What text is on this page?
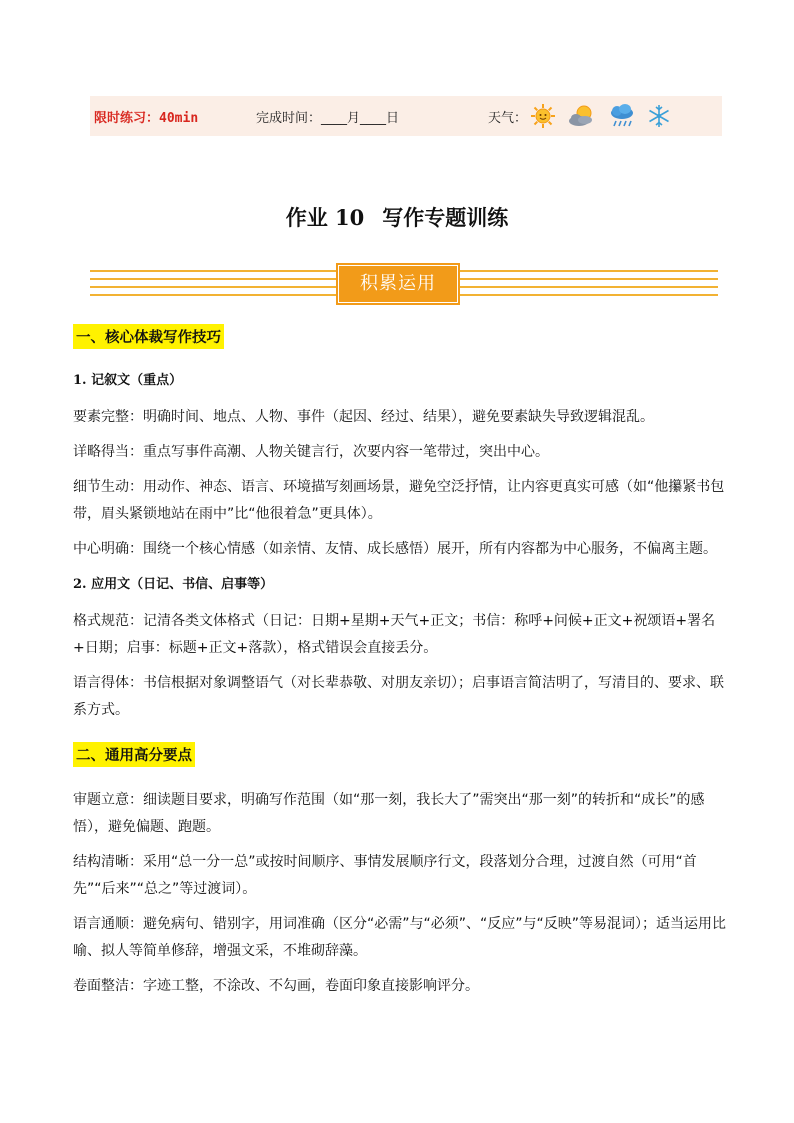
限时练习：40min	完成时间：____月____日	天气：
作业 10 写作专题训练
积累运用
一、核心体裁写作技巧
1. 记叙文（重点）
要素完整：明确时间、地点、人物、事件（起因、经过、结果），避免要素缺失导致逻辑混乱。
详略得当：重点写事件高潮、人物关键言行，次要内容一笔带过，突出中心。
细节生动：用动作、神态、语言、环境描写刻画场景，避免空泛抒情，让内容更真实可感（如“他攥紧书包带，眉头紧锁地站在雨中”比“他很着急”更具体）。
中心明确：围绕一个核心情感（如亲情、友情、成长感悟）展开，所有内容都为中心服务，不偏离主题。
2. 应用文（日记、书信、启事等）
格式规范：记清各类文体格式（日记：日期+星期+天气+正文；书信：称呼+问候+正文+祝颂语+署名+日期；启事：标题+正文+落款），格式错误会直接丢分。
语言得体：书信根据对象调整语气（对长辈恭敬、对朋友亲切）；启事语言简洁明了，写清目的、要求、联系方式。
二、通用高分要点
审题立意：细读题目要求，明确写作范围（如“那一刻，我长大了”需突出“那一刻”的转折和“成长”的感悟），避免偏题、跑题。
结构清晰：采用“总一分一总”或按时间顺序、事情发展顺序行文，段落划分合理，过渡自然（可用“首先”“后来”“总之”等过渡词）。
语言通顺：避免病句、错别字，用词准确（区分“必需”与“必须”、“反应”与“反映”等易混词）；适当运用比喻、拟人等简单修辞，增强文采，不堆砌辞藻。
卷面整洁：字迹工整，不涂改、不勾画，卷面印象直接影响评分。
